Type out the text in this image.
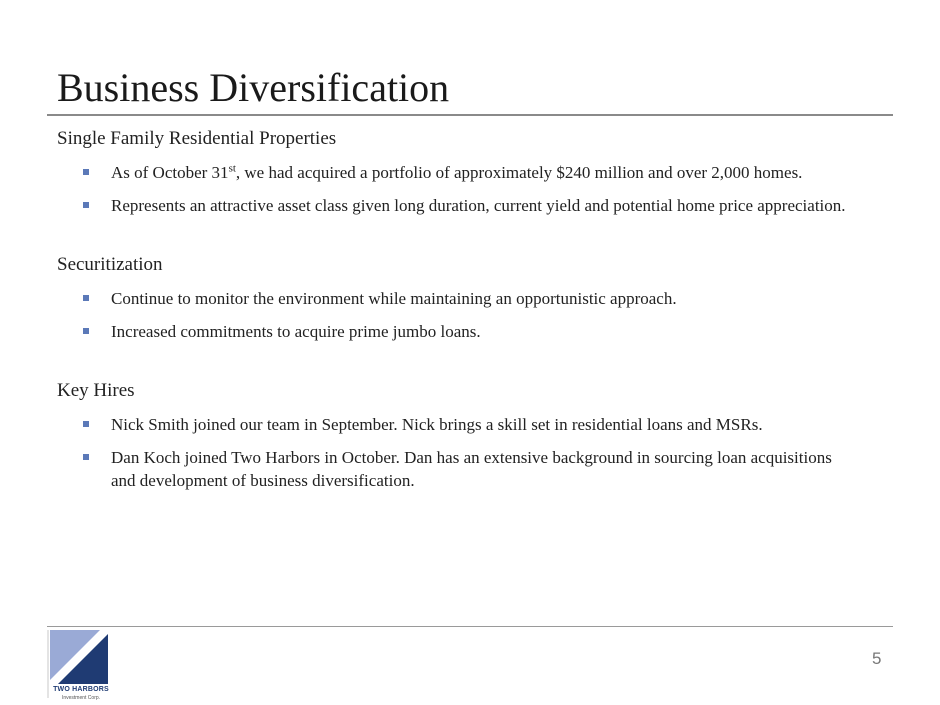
Business Diversification

Single Family Residential Properties

As of October 31st, we had acquired a portfolio of approximately $240 million and over 2,000 homes.
Represents an attractive asset class given long duration, current yield and potential home price appreciation.

Securitization

Continue to monitor the environment while maintaining an opportunistic approach.
Increased commitments to acquire prime jumbo loans.

Key Hires

Nick Smith joined our team in September. Nick brings a skill set in residential loans and MSRs.
Dan Koch joined Two Harbors in October. Dan has an extensive background in sourcing loan acquisitions and development of business diversification.
TWO HARBORS
Investment Corp.
5
